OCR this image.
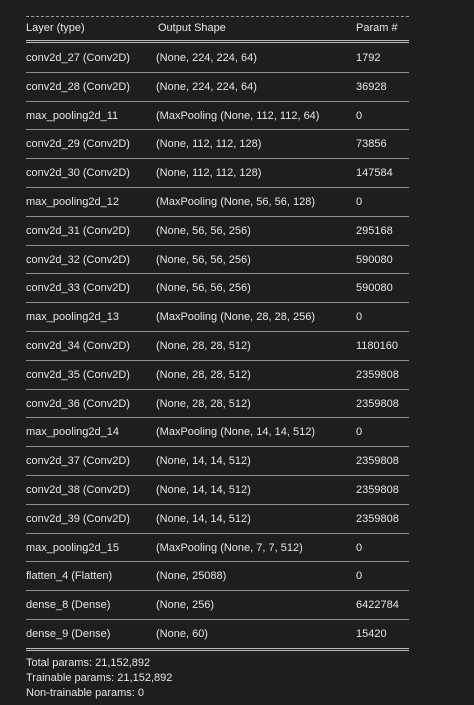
Layer (type)	Output Shape	Param #
conv2d_27 (Conv2D) (None, 224, 224, 64)	1792
conv2d_28 (Conv2D) (None, 224, 224, 64)	36928
max_pooling2d_11	(MaxPooling (None, 112, 112, 64)	0
conv2d_29 (Conv2D) (None, 112, 112, 128)	73856
conv2d_30 (Conv2D) (None, 112, 112, 128)	147584
max_pooling2d_12	(MaxPooling (None, 56, 56, 128)	0
conv2d_31 (Conv2D) (None, 56, 56, 256)	295168
conv2d_32 (Conv2D) (None, 56, 56, 256)	590080
conv2d_33 (Conv2D) (None, 56, 56, 256)	590080
max_pooling2d_13	(MaxPooling (None, 28, 28, 256)	0
conv2d_34 (Conv2D) (None, 28, 28, 512)	1180160
conv2d_35 (Conv2D) (None, 28, 28, 512)	2359808
conv2d_36 (Conv2D) (None, 28, 28, 512)	2359808
max_pooling2d_14	(MaxPooling (None, 14, 14, 512)	0
conv2d_37 (Conv2D) (None, 14, 14, 512)	2359808
conv2d_38 (Conv2D) (None, 14, 14, 512)	2359808
conv2d_39 (Conv2D) (None, 14, 14, 512)	2359808
max_pooling2d_15	(MaxPooling (None, 7, 7, 512)	0
flatten_4 (Flatten)	(None, 25088)	0
dense_8 (Dense)	(None, 256)	6422784
dense_9 (Dense)	(None, 60)	15420
Total params: 21,152,892
Trainable params: 21,152,892
Non-trainable params: 0
